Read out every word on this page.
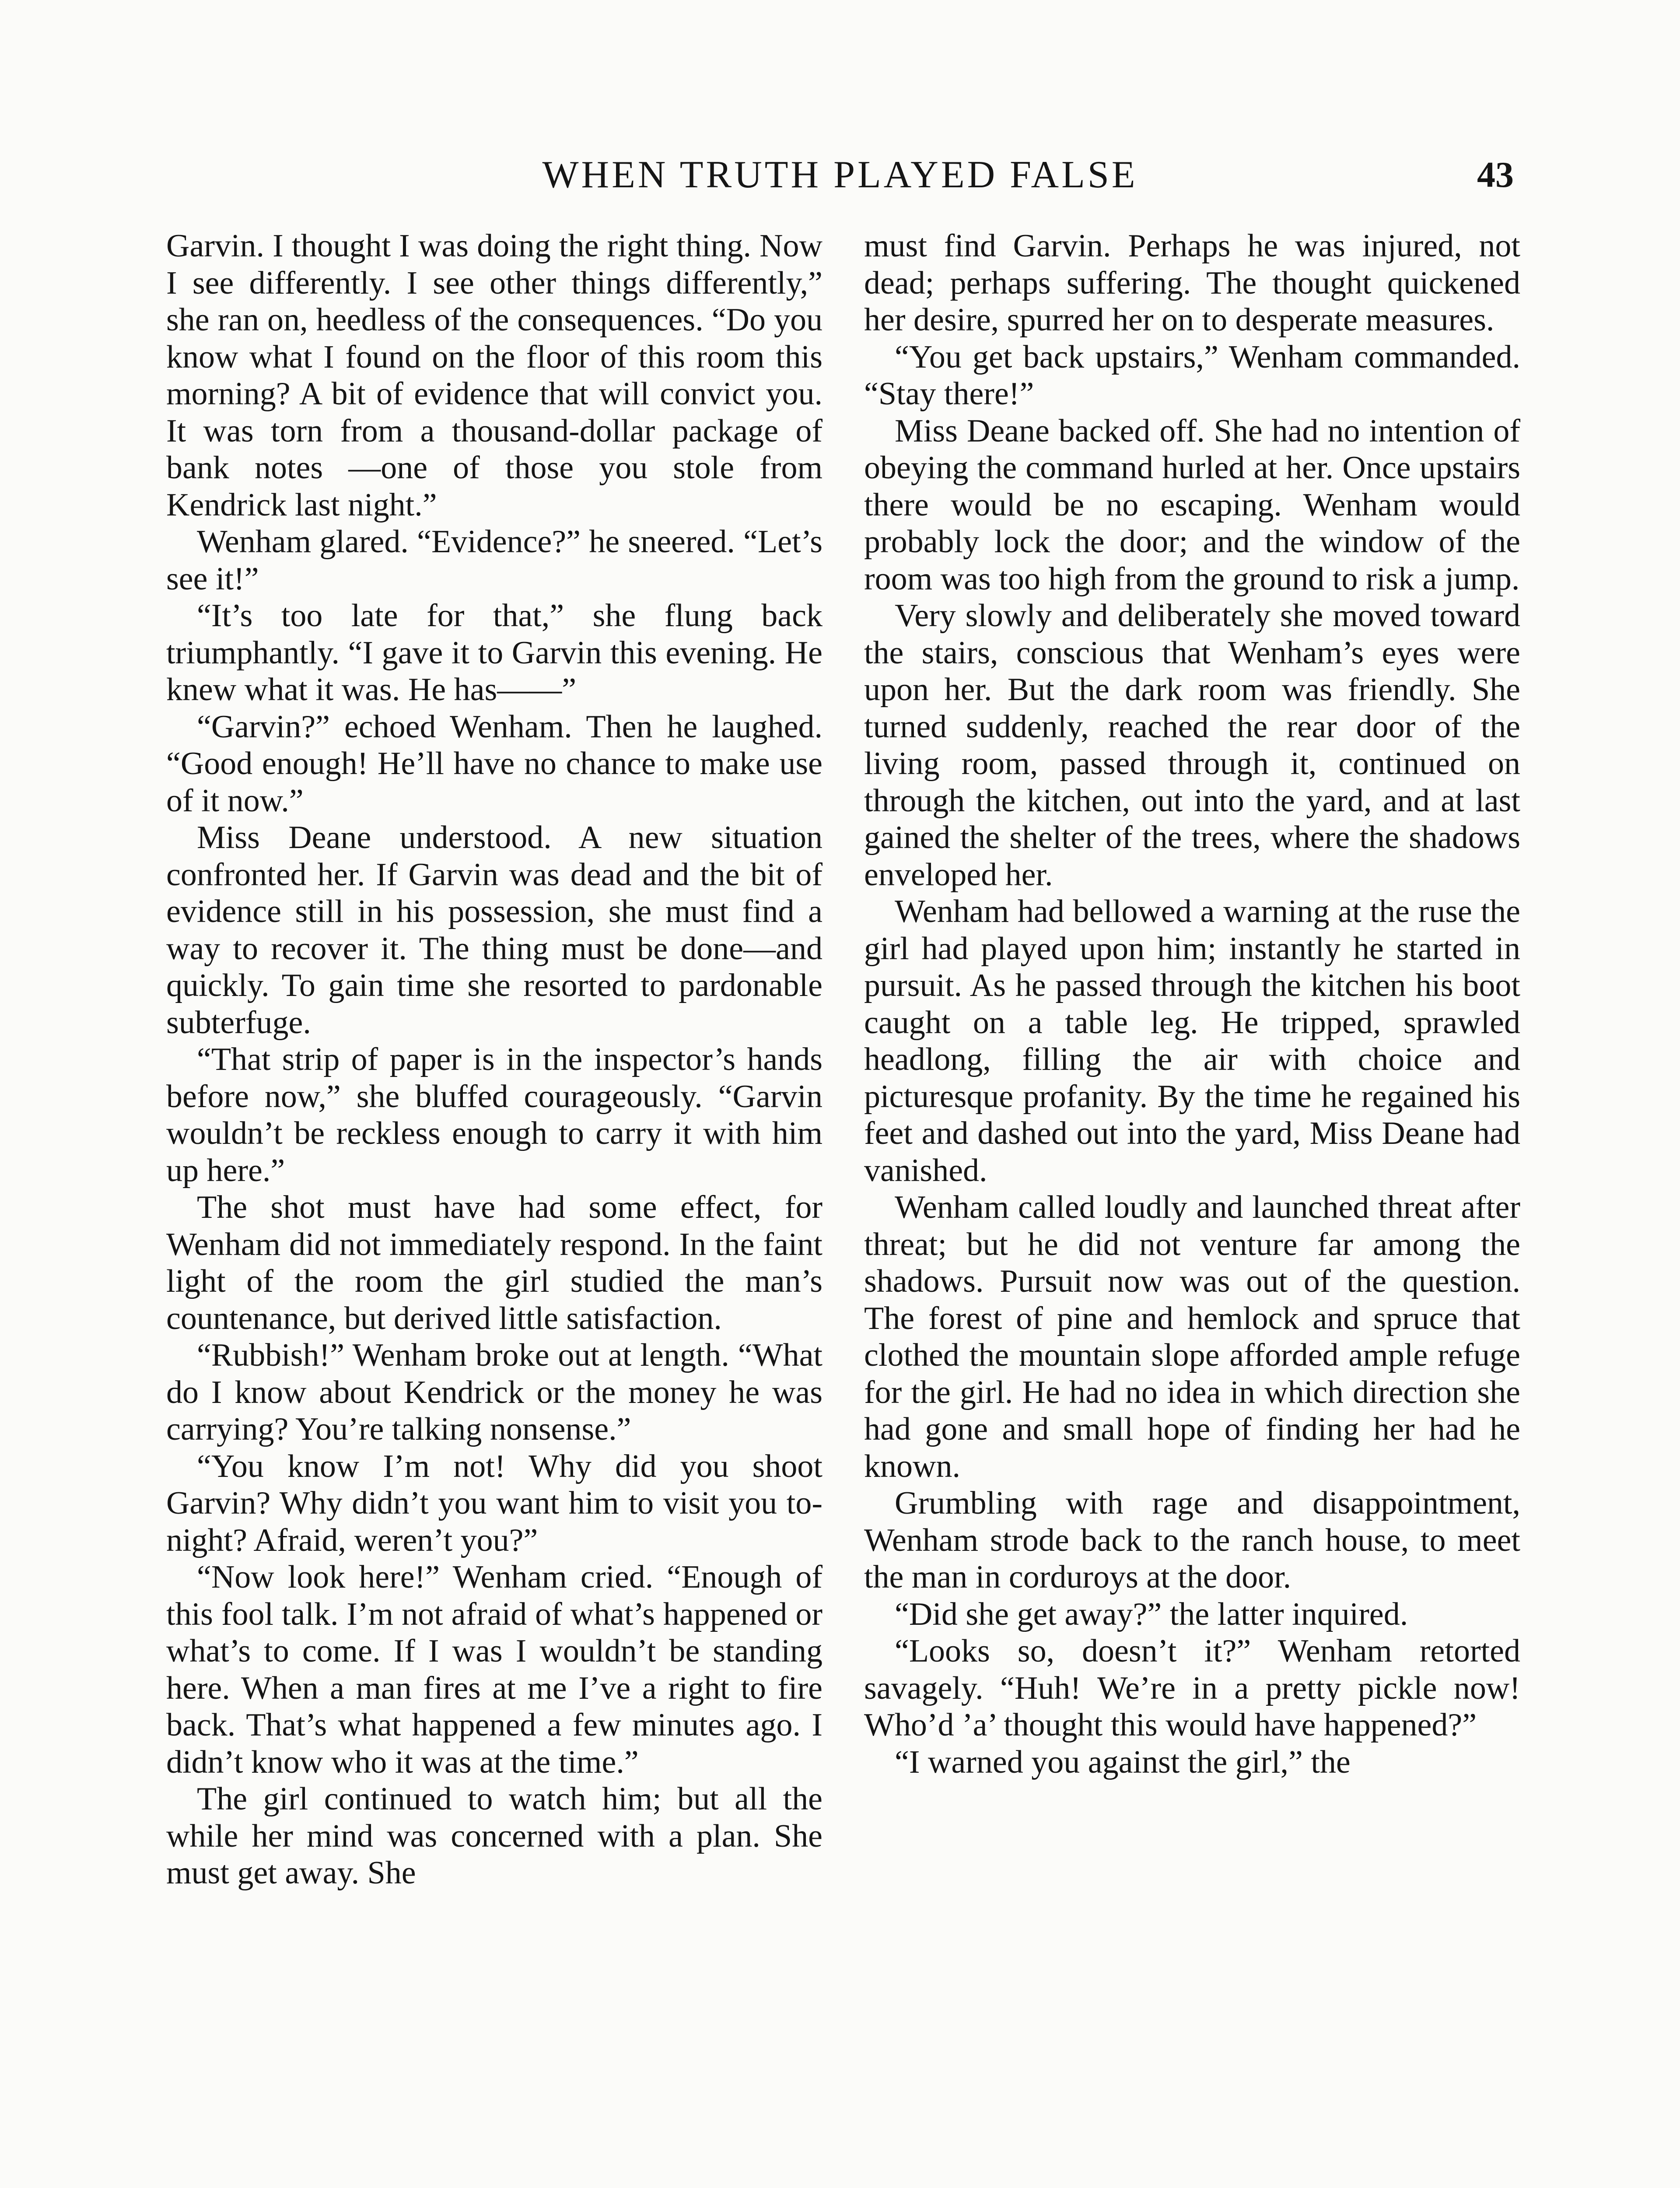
WHEN TRUTH PLAYED FALSE	43

Garvin. I thought I was doing the right thing. Now I see differently. I see other things differently,” she ran on, heedless of the consequences. “Do you know what I found on the floor of this room this morning? A bit of evidence that will convict you. It was torn from a thousand-dollar package of bank notes —one of those you stole from Kendrick last night.”

Wenham glared. “Evidence?” he sneered. “Let’s see it!”

“It’s too late for that,” she flung back triumphantly. “I gave it to Garvin this evening. He knew what it was. He has——”

“Garvin?” echoed Wenham. Then he laughed. “Good enough! He’ll have no chance to make use of it now.”

Miss Deane understood. A new situation confronted her. If Garvin was dead and the bit of evidence still in his possession, she must find a way to recover it. The thing must be done—and quickly. To gain time she resorted to pardonable subterfuge.

“That strip of paper is in the inspector’s hands before now,” she bluffed courageously. “Garvin wouldn’t be reckless enough to carry it with him up here.”

The shot must have had some effect, for Wenham did not immediately respond. In the faint light of the room the girl studied the man’s countenance, but derived little satisfaction.

“Rubbish!” Wenham broke out at length. “What do I know about Kendrick or the money he was carrying? You’re talking nonsense.”

“You know I’m not! Why did you shoot Garvin? Why didn’t you want him to visit you to-night? Afraid, weren’t you?”

“Now look here!” Wenham cried. “Enough of this fool talk. I’m not afraid of what’s happened or what’s to come. If I was I wouldn’t be standing here. When a man fires at me I’ve a right to fire back. That’s what happened a few minutes ago. I didn’t know who it was at the time.”

The girl continued to watch him; but all the while her mind was concerned with a plan. She must get away. She

must find Garvin. Perhaps he was injured, not dead; perhaps suffering. The thought quickened her desire, spurred her on to desperate measures.

“You get back upstairs,” Wenham commanded. “Stay there!”

Miss Deane backed off. She had no intention of obeying the command hurled at her. Once upstairs there would be no escaping. Wenham would probably lock the door; and the window of the room was too high from the ground to risk a jump.

Very slowly and deliberately she moved toward the stairs, conscious that Wenham’s eyes were upon her. But the dark room was friendly. She turned suddenly, reached the rear door of the living room, passed through it, continued on through the kitchen, out into the yard, and at last gained the shelter of the trees, where the shadows enveloped her.

Wenham had bellowed a warning at the ruse the girl had played upon him; instantly he started in pursuit. As he passed through the kitchen his boot caught on a table leg. He tripped, sprawled headlong, filling the air with choice and picturesque profanity. By the time he regained his feet and dashed out into the yard, Miss Deane had vanished.

Wenham called loudly and launched threat after threat; but he did not venture far among the shadows. Pursuit now was out of the question. The forest of pine and hemlock and spruce that clothed the mountain slope afforded ample refuge for the girl. He had no idea in which direction she had gone and small hope of finding her had he known.

Grumbling with rage and disappointment, Wenham strode back to the ranch house, to meet the man in corduroys at the door.

“Did she get away?” the latter inquired.

“Looks so, doesn’t it?” Wenham retorted savagely. “Huh! We’re in a pretty pickle now! Who’d ’a’ thought this would have happened?”

“I warned you against the girl,” the
